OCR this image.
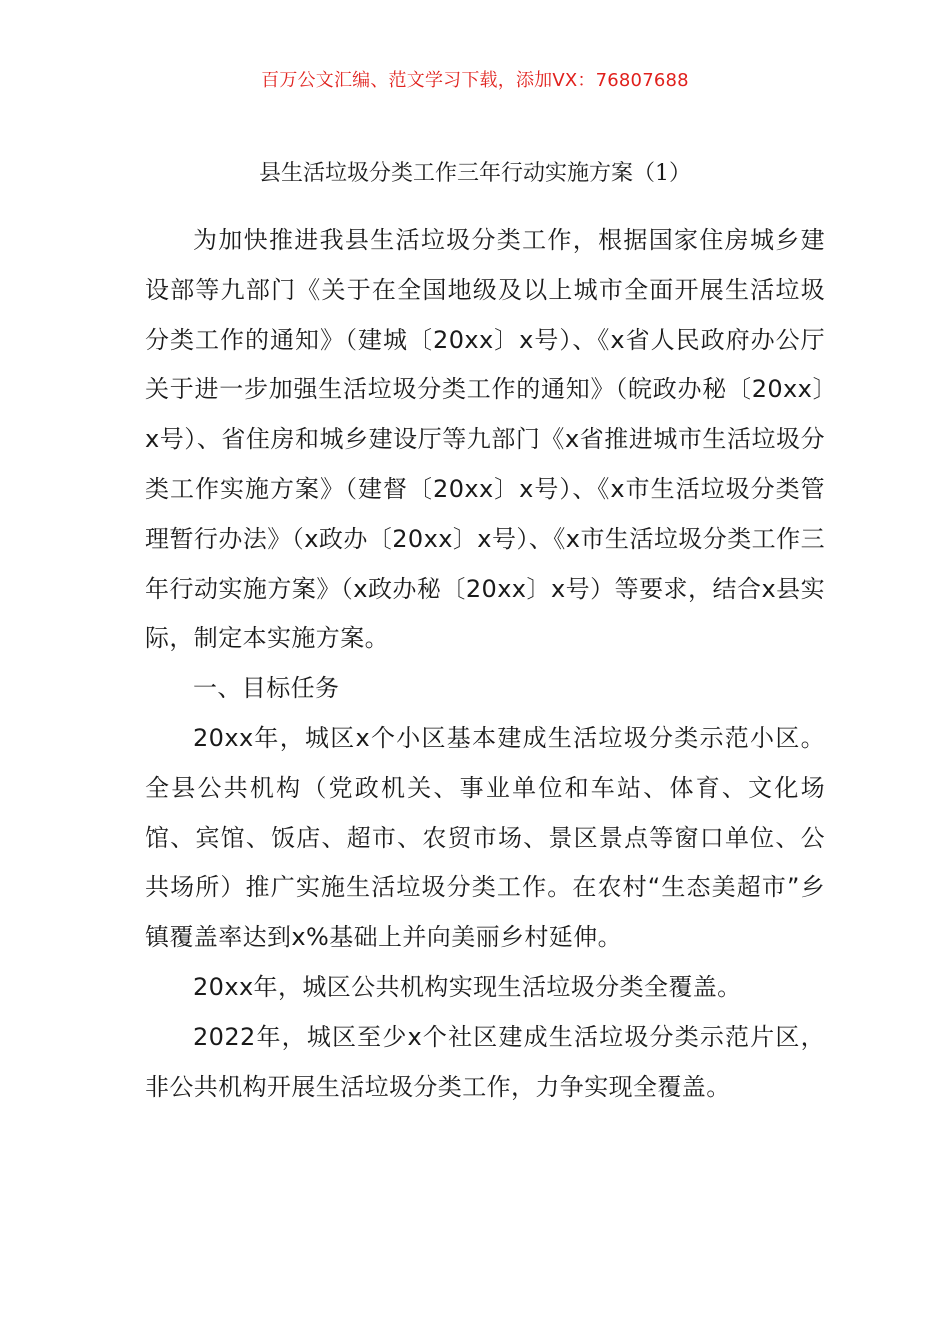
百万公文汇编、范文学习下载，添加VX：76807688
县生活垃圾分类工作三年行动实施方案（1）

为加快推进我县生活垃圾分类工作，根据国家住房城乡建设部等九部门《关于在全国地级及以上城市全面开展生活垃圾分类工作的通知》（建城〔20xx〕x号）、《x省人民政府办公厅关于进一步加强生活垃圾分类工作的通知》（皖政办秘〔20xx〕x号）、省住房和城乡建设厅等九部门《x省推进城市生活垃圾分类工作实施方案》（建督〔20xx〕x号）、《x市生活垃圾分类管理暂行办法》（x政办〔20xx〕x号）、《x市生活垃圾分类工作三年行动实施方案》（x政办秘〔20xx〕x号）等要求，结合x县实际，制定本实施方案。

一、目标任务

20xx年，城区x个小区基本建成生活垃圾分类示范小区。全县公共机构（党政机关、事业单位和车站、体育、文化场馆、宾馆、饭店、超市、农贸市场、景区景点等窗口单位、公共场所）推广实施生活垃圾分类工作。在农村“生态美超市”乡镇覆盖率达到x%基础上并向美丽乡村延伸。

20xx年，城区公共机构实现生活垃圾分类全覆盖。

2022年，城区至少x个社区建成生活垃圾分类示范片区，非公共机构开展生活垃圾分类工作，力争实现全覆盖。
